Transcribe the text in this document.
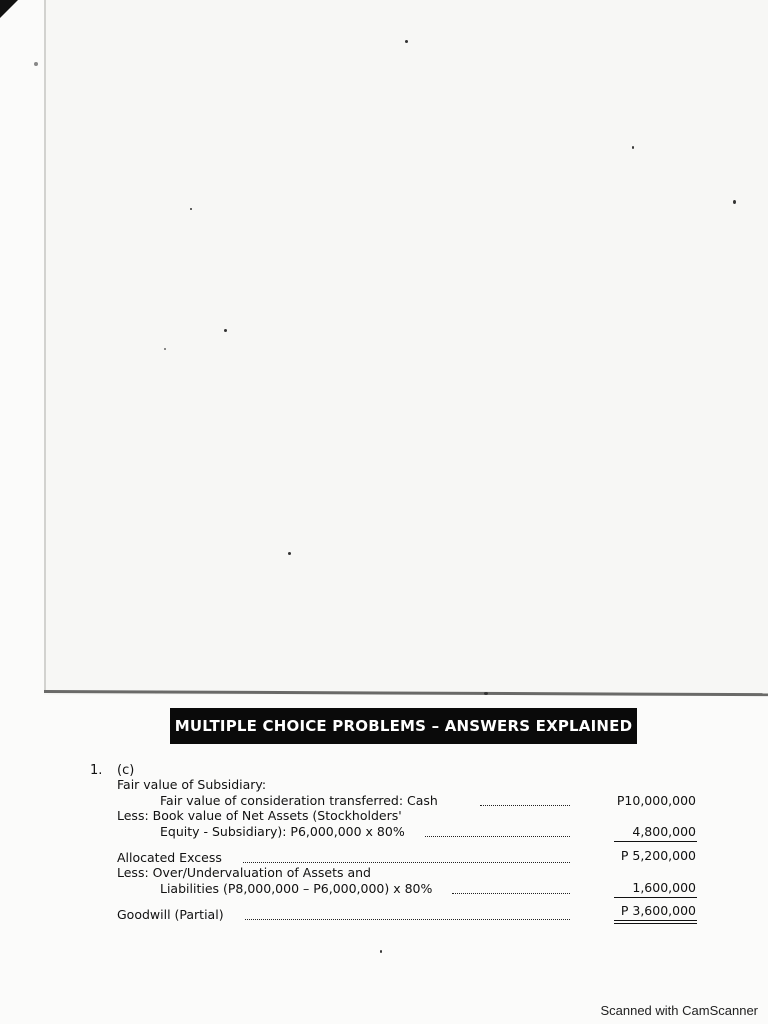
MULTIPLE CHOICE PROBLEMS – ANSWERS EXPLAINED
1. (c)
Fair value of Subsidiary:
Fair value of consideration transferred: Cash	P10,000,000
Less: Book value of Net Assets (Stockholders'
Equity - Subsidiary): P6,000,000 x 80%	4,800,000
Allocated Excess	P 5,200,000
Less: Over/Undervaluation of Assets and
Liabilities (P8,000,000 – P6,000,000) x 80%	1,600,000
Goodwill (Partial)	P 3,600,000
Scanned with CamScanner
